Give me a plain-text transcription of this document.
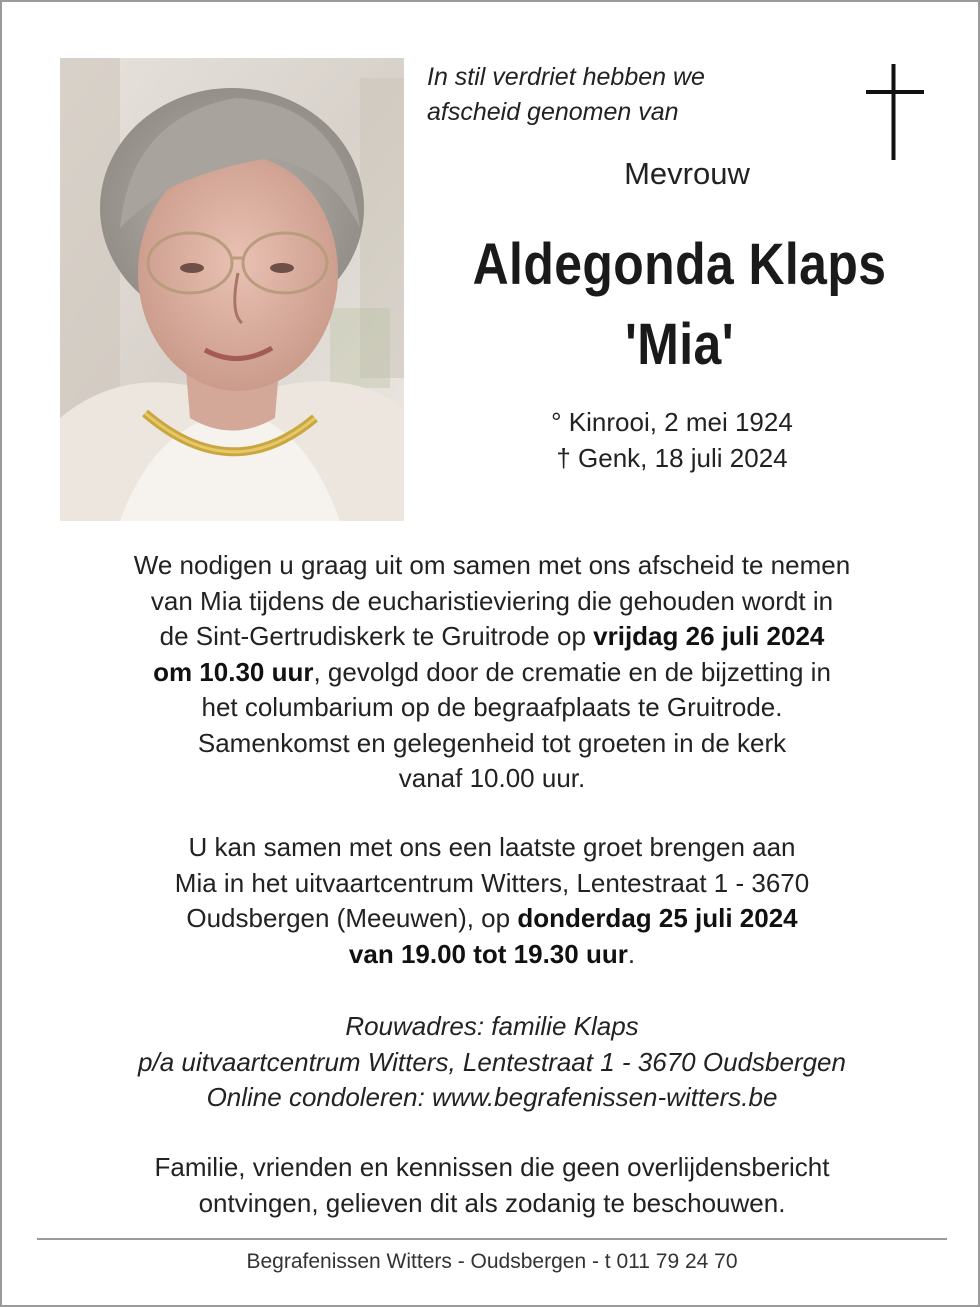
In stil verdriet hebben we
afscheid genomen van
Mevrouw
Aldegonda Klaps
'Mia'
° Kinrooi, 2 mei 1924
† Genk, 18 juli 2024
We nodigen u graag uit om samen met ons afscheid te nemen
van Mia tijdens de eucharistieviering die gehouden wordt in
de Sint-Gertrudiskerk te Gruitrode op vrijdag 26 juli 2024
om 10.30 uur, gevolgd door de crematie en de bijzetting in
het columbarium op de begraafplaats te Gruitrode.
Samenkomst en gelegenheid tot groeten in de kerk
vanaf 10.00 uur.
U kan samen met ons een laatste groet brengen aan
Mia in het uitvaartcentrum Witters, Lentestraat 1 - 3670
Oudsbergen (Meeuwen), op donderdag 25 juli 2024
van 19.00 tot 19.30 uur.
Rouwadres: familie Klaps
p/a uitvaartcentrum Witters, Lentestraat 1 - 3670 Oudsbergen
Online condoleren: www.begrafenissen-witters.be
Familie, vrienden en kennissen die geen overlijdensbericht
ontvingen, gelieven dit als zodanig te beschouwen.
Begrafenissen Witters - Oudsbergen - t 011 79 24 70
